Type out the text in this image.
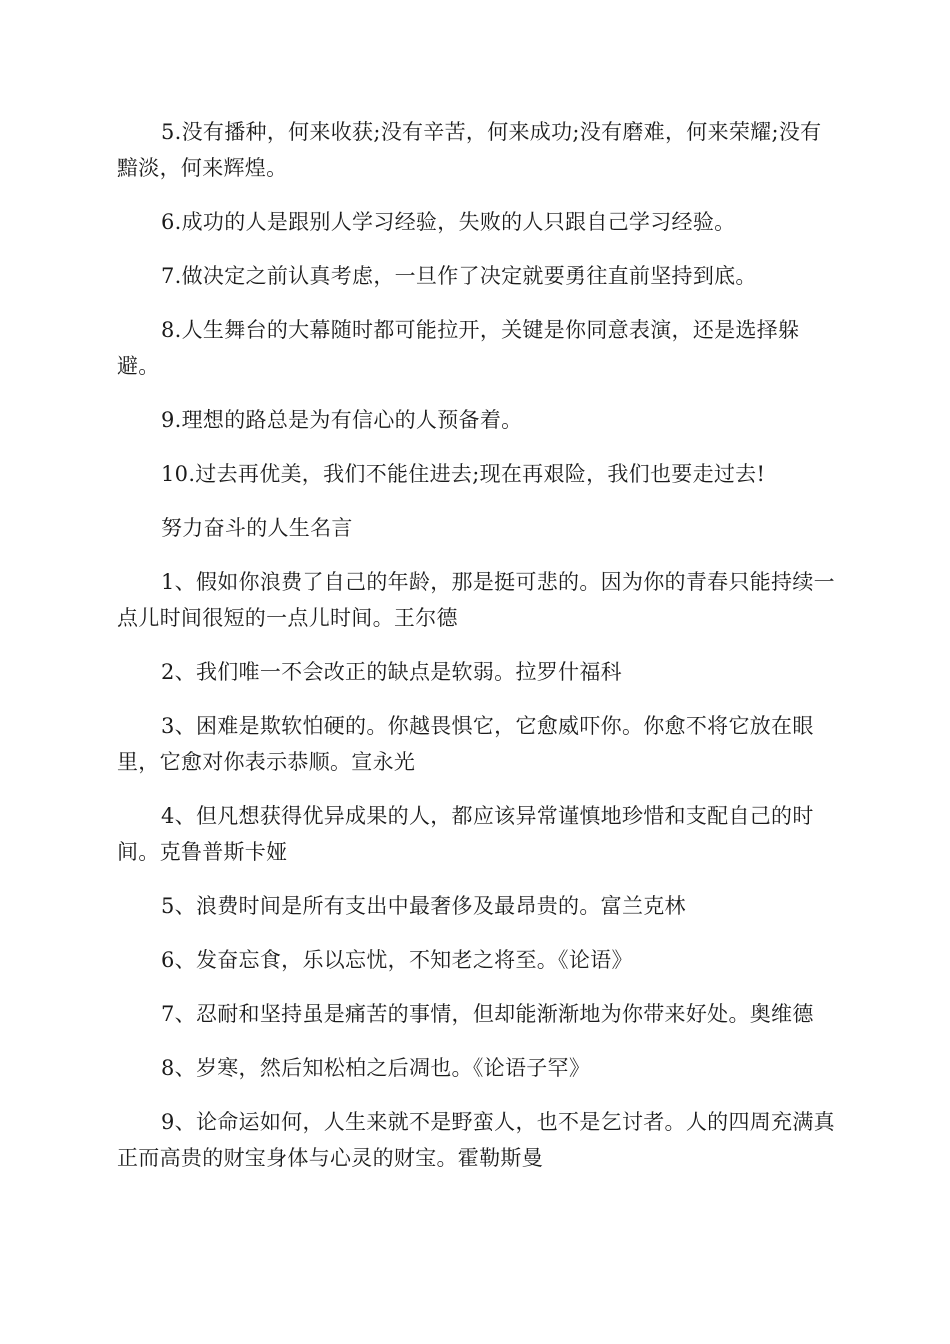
5.没有播种，何来收获;没有辛苦，何来成功;没有磨难，何来荣耀;没有黯淡，何来辉煌。

6.成功的人是跟别人学习经验，失败的人只跟自己学习经验。

7.做决定之前认真考虑，一旦作了决定就要勇往直前坚持到底。

8.人生舞台的大幕随时都可能拉开，关键是你同意表演，还是选择躲避。

9.理想的路总是为有信心的人预备着。

10.过去再优美，我们不能住进去;现在再艰险，我们也要走过去!

努力奋斗的人生名言

1、假如你浪费了自己的年龄，那是挺可悲的。因为你的青春只能持续一点儿时间很短的一点儿时间。王尔德

2、我们唯一不会改正的缺点是软弱。拉罗什福科

3、困难是欺软怕硬的。你越畏惧它，它愈威吓你。你愈不将它放在眼里，它愈对你表示恭顺。宣永光

4、但凡想获得优异成果的人，都应该异常谨慎地珍惜和支配自己的时间。克鲁普斯卡娅

5、浪费时间是所有支出中最奢侈及最昂贵的。富兰克林

6、发奋忘食，乐以忘忧，不知老之将至。《论语》

7、忍耐和坚持虽是痛苦的事情，但却能渐渐地为你带来好处。奥维德

8、岁寒，然后知松柏之后凋也。《论语子罕》

9、论命运如何，人生来就不是野蛮人，也不是乞讨者。人的四周充满真正而高贵的财宝身体与心灵的财宝。霍勒斯曼
